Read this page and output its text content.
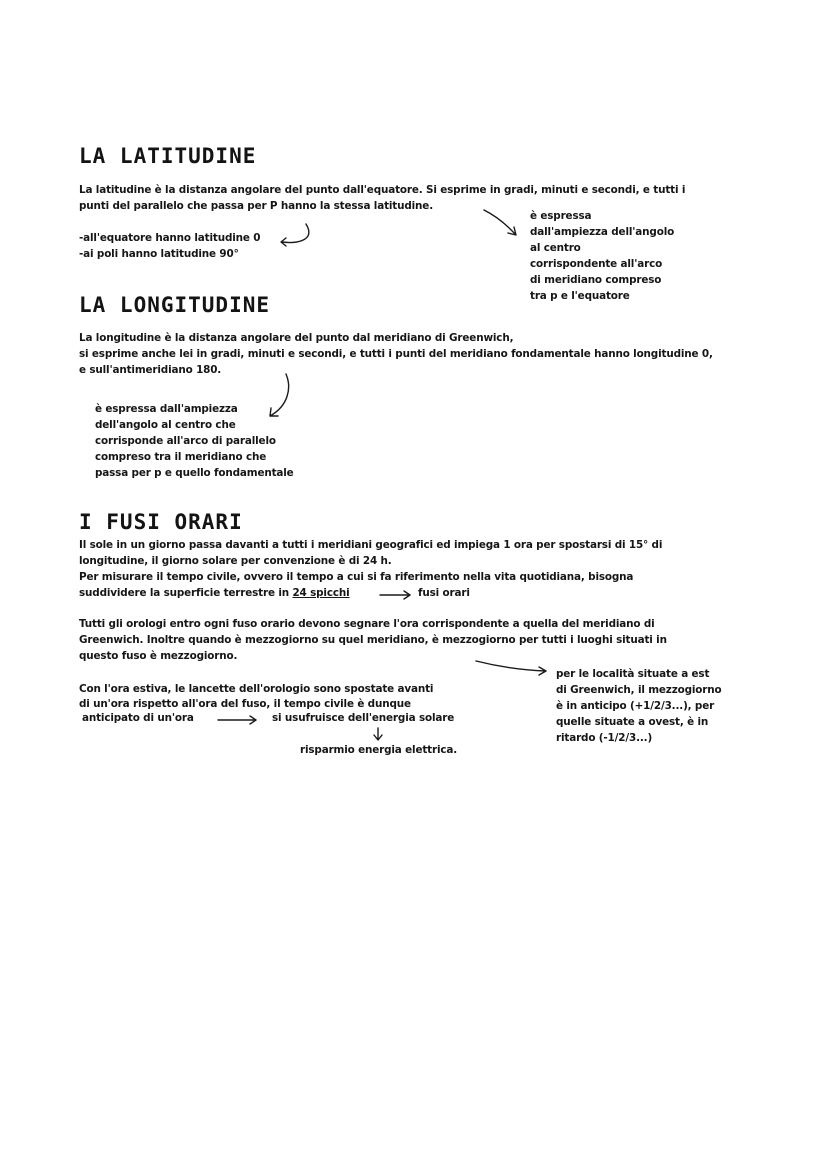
LA LATITUDINE

La latitudine è la distanza angolare del punto dall'equatore. Si esprime in gradi, minuti e secondi, e tutti i

punti del parallelo che passa per P hanno la stessa latitudine.

-all'equatore hanno latitudine 0

-ai poli hanno latitudine 90°

è espressa

dall'ampiezza dell'angolo

al centro

corrispondente all'arco

di meridiano compreso

tra p e l'equatore

LA LONGITUDINE

La longitudine è la distanza angolare del punto dal meridiano di Greenwich,

si esprime anche lei in gradi, minuti e secondi, e tutti i punti del meridiano fondamentale hanno longitudine 0,

e sull'antimeridiano 180.

è espressa dall'ampiezza

dell'angolo al centro che

corrisponde all'arco di parallelo

compreso tra il meridiano che

passa per p e quello fondamentale

I FUSI ORARI

Il sole in un giorno passa davanti a tutti i meridiani geografici ed impiega 1 ora per spostarsi di 15° di

longitudine, il giorno solare per convenzione è di 24 h.

Per misurare il tempo civile, ovvero il tempo a cui si fa riferimento nella vita quotidiana, bisogna

suddividere la superficie terrestre in 24 spicchi	fusi orari

Tutti gli orologi entro ogni fuso orario devono segnare l'ora corrispondente a quella del meridiano di

Greenwich. Inoltre quando è mezzogiorno su quel meridiano, è mezzogiorno per tutti i luoghi situati in

questo fuso è mezzogiorno.

per le località situate a est

di Greenwich, il mezzogiorno

è in anticipo (+1/2/3...), per

quelle situate a ovest, è in

ritardo (-1/2/3...)

Con l'ora estiva, le lancette dell'orologio sono spostate avanti

di un'ora rispetto all'ora del fuso, il tempo civile è dunque

anticipato di un'ora	si usufruisce dell'energia solare

risparmio energia elettrica.
